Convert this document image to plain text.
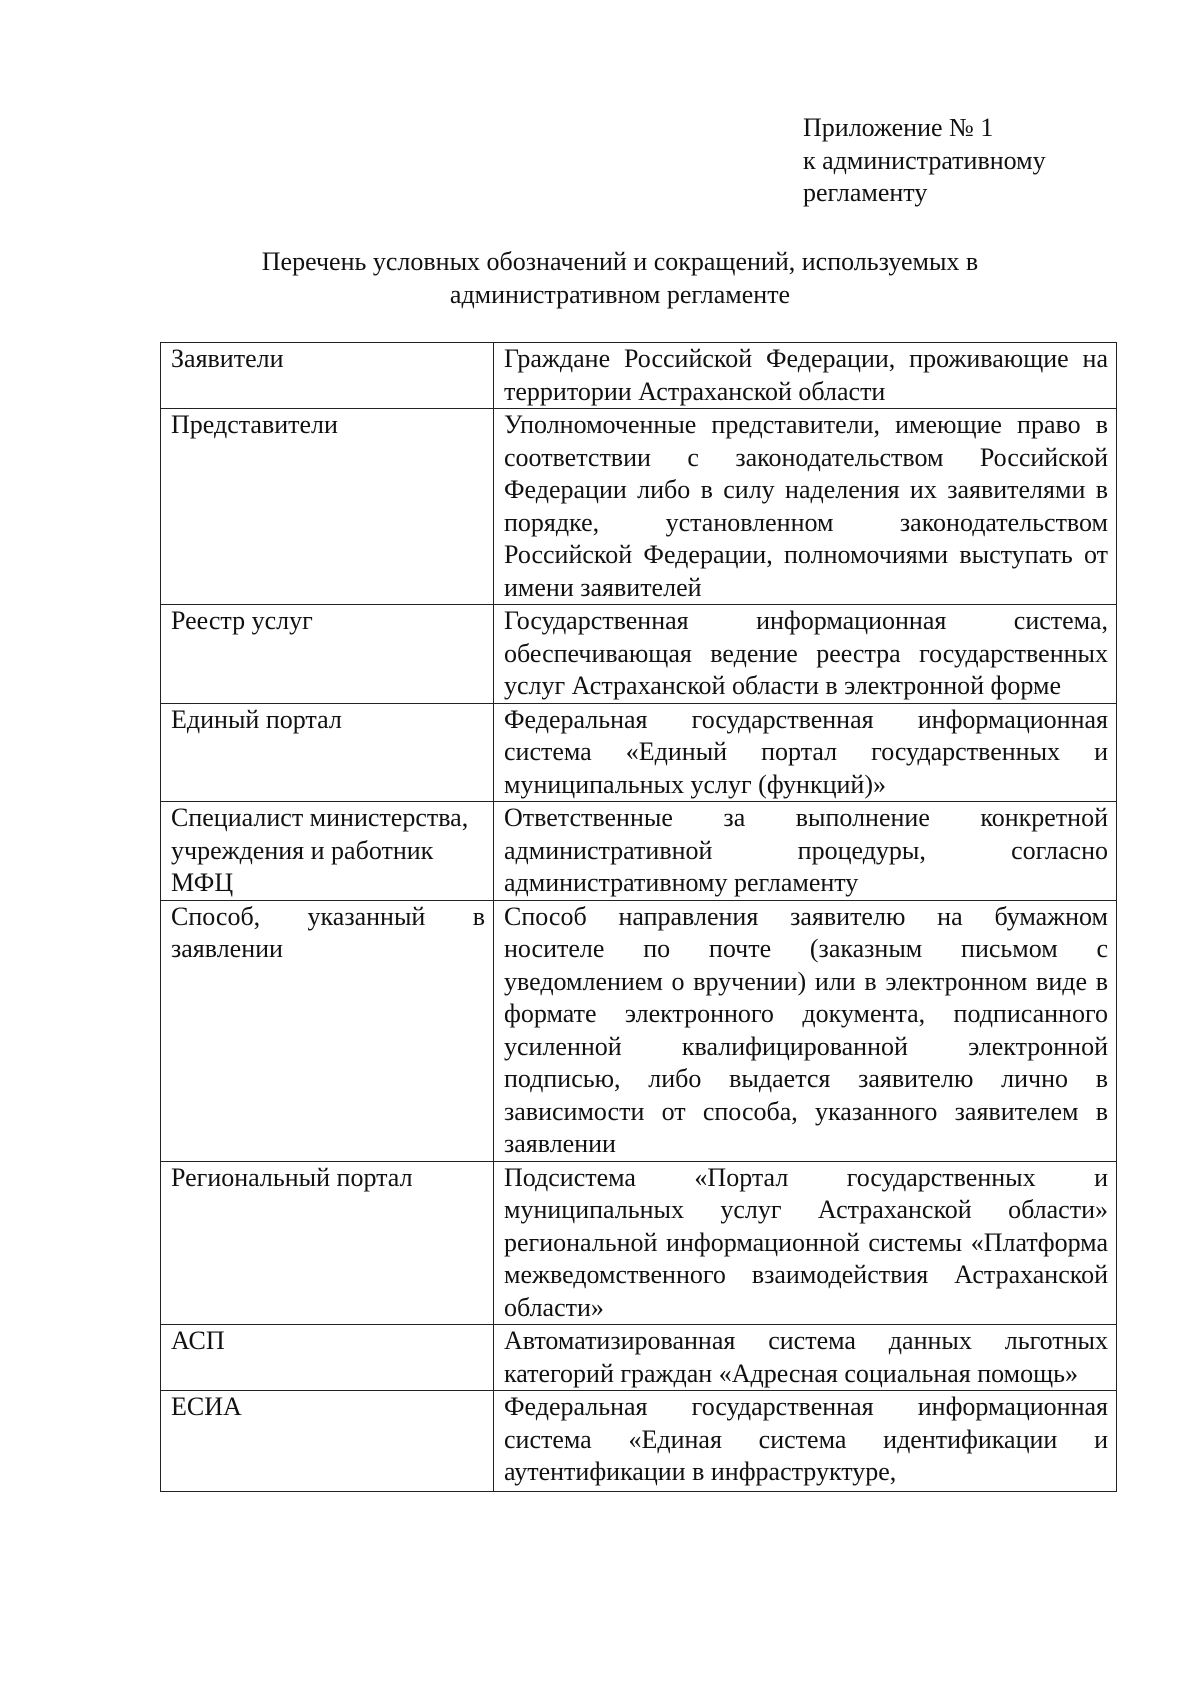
Приложение № 1
к административному
регламенту
Перечень условных обозначений и сокращений, используемых в
административном регламенте
Заявители	Граждане Российской Федерации, проживающие на территории Астраханской области
Представители	Уполномоченные представители, имеющие право в соответствии с законодательством Российской Федерации либо в силу наделения их заявителями в порядке, установленном законодательством Российской Федерации, полномочиями выступать от имени заявителей
Реестр услуг	Государственная информационная система, обеспечивающая ведение реестра государственных услуг Астраханской области в электронной форме
Единый портал	Федеральная государственная информационная система «Единый портал государственных и муниципальных услуг (функций)»
Специалист министерства, учреждения и работник МФЦ	Ответственные за выполнение конкретной административной процедуры, согласно административному регламенту
Способ, указанный в заявлении	Способ направления заявителю на бумажном носителе по почте (заказным письмом с уведомлением о вручении) или в электронном виде в формате электронного документа, подписанного усиленной квалифицированной электронной подписью, либо выдается заявителю лично в зависимости от способа, указанного заявителем в заявлении
Региональный портал	Подсистема «Портал государственных и муниципальных услуг Астраханской области» региональной информационной системы «Платформа межведомственного взаимодействия Астраханской области»
АСП	Автоматизированная система данных льготных категорий граждан «Адресная социальная помощь»
ЕСИА	Федеральная государственная информационная система «Единая система идентификации и аутентификации в инфраструктуре,
